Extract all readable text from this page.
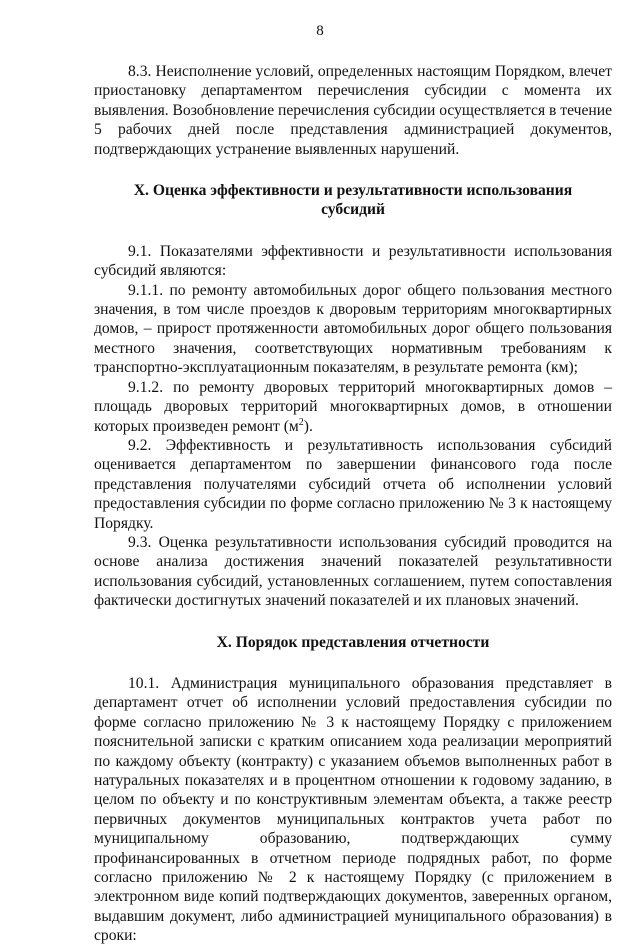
8

8.3. Неисполнение условий, определенных настоящим Порядком, влечет приостановку департаментом перечисления субсидии с момента их выявления. Возобновление перечисления субсидии осуществляется в течение 5 рабочих дней после представления администрацией документов, подтверждающих устранение выявленных нарушений.

X. Оценка эффективности и результативности использования субсидий

9.1. Показателями эффективности и результативности использования субсидий являются:

9.1.1. по ремонту автомобильных дорог общего пользования местного значения, в том числе проездов к дворовым территориям многоквартирных домов, – прирост протяженности автомобильных дорог общего пользования местного значения, соответствующих нормативным требованиям к транспортно-эксплуатационным показателям, в результате ремонта (км);

9.1.2. по ремонту дворовых территорий многоквартирных домов – площадь дворовых территорий многоквартирных домов, в отношении которых произведен ремонт $(м^2)$.

9.2. Эффективность и результативность использования субсидий оценивается департаментом по завершении финансового года после представления получателями субсидий отчета об исполнении условий предоставления субсидии по форме согласно приложению № 3 к настоящему Порядку.

9.3. Оценка результативности использования субсидий проводится на основе анализа достижения значений показателей результативности использования субсидий, установленных соглашением, путем сопоставления фактически достигнутых значений показателей и их плановых значений.

X. Порядок представления отчетности

10.1. Администрация муниципального образования представляет в департамент отчет об исполнении условий предоставления субсидии по форме согласно приложению № 3 к настоящему Порядку с приложением пояснительной записки с кратким описанием хода реализации мероприятий по каждому объекту (контракту) с указанием объемов выполненных работ в натуральных показателях и в процентном отношении к годовому заданию, в целом по объекту и по конструктивным элементам объекта, а также реестр первичных документов муниципальных контрактов учета работ по муниципальному образованию, подтверждающих сумму профинансированных в отчетном периоде подрядных работ, по форме согласно приложению № 2 к настоящему Порядку (с приложением в электронном виде копий подтверждающих документов, заверенных органом, выдавшим документ, либо администрацией муниципального образования) в сроки:
